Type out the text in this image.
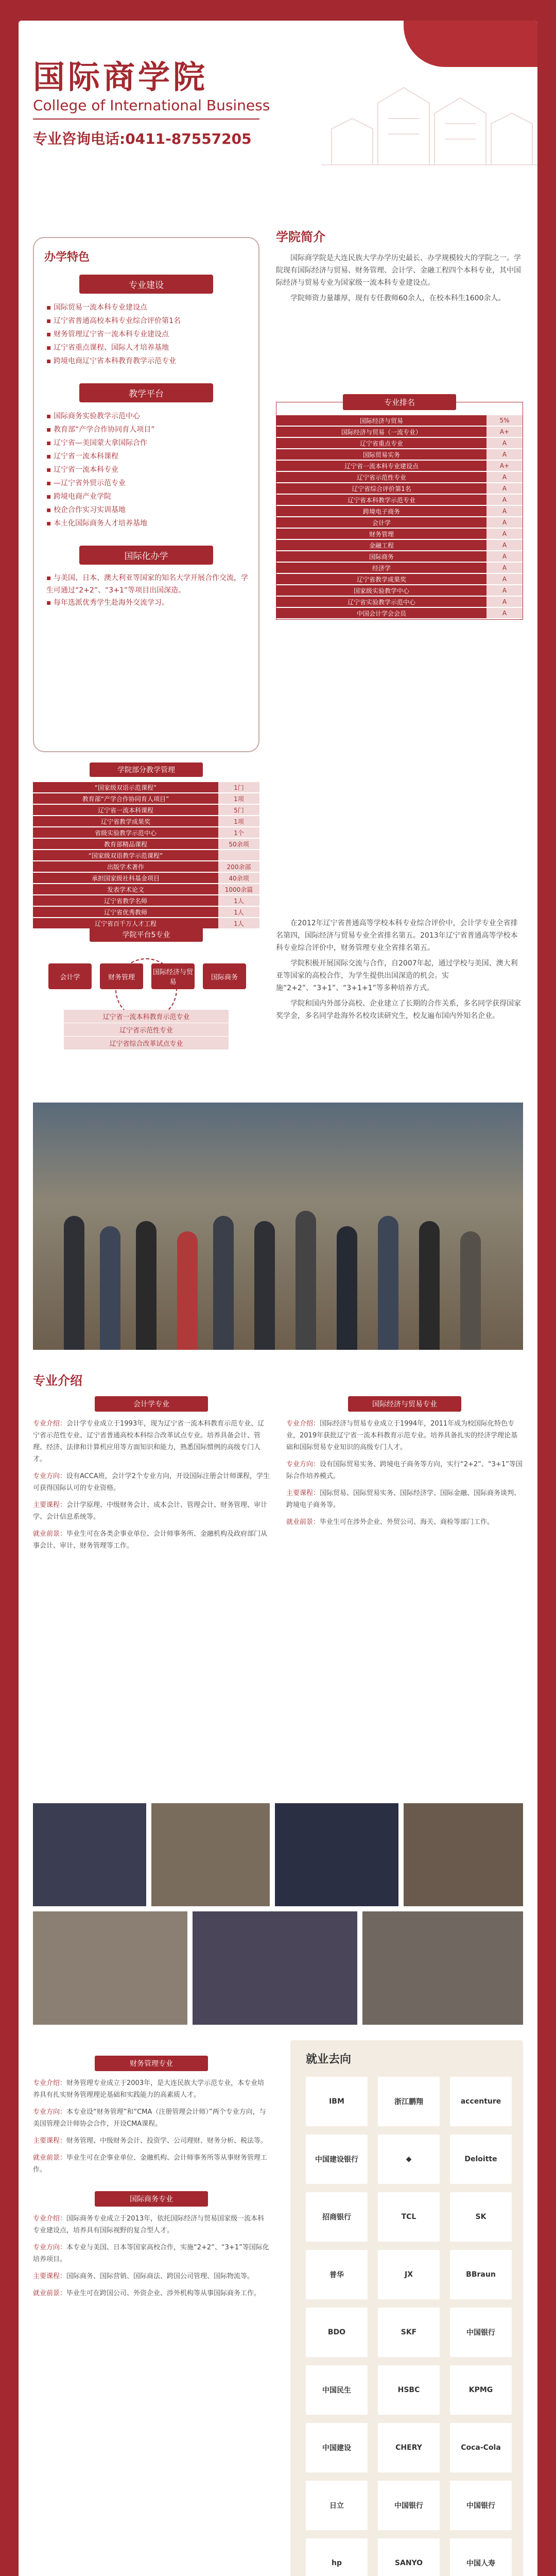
国际商学院
College of International Business
专业咨询电话:0411-87557205
办学特色
专业建设
▪ 国际贸易一流本科专业建设点
▪ 辽宁省普通高校本科专业综合评价第1名
▪ 财务管理辽宁省一流本科专业建设点
▪ 辽宁省重点课程、国际人才培养基地
▪ 跨境电商辽宁省本科教育教学示范专业
教学平台
▪ 国际商务实验教学示范中心
▪ 教育部“产学合作协同育人项目”
▪ 辽宁省—美国蒙大拿国际合作
▪ 辽宁省一流本科课程
▪ 辽宁省一流本科专业
▪ —辽宁省外贸示范专业
▪ 跨境电商产业学院
▪ 校企合作实习实训基地
▪ 本土化国际商务人才培养基地
国际化办学
▪ 与美国、日本、澳大利亚等国家的知名大学开展合作交流，学生可通过“2+2”、“3+1”等项目出国深造。
▪ 每年选派优秀学生赴海外交流学习。
学院简介

国际商学院是大连民族大学办学历史最长、办学规模较大的学院之一。学院现有国际经济与贸易、财务管理、会计学、金融工程四个本科专业，其中国际经济与贸易专业为国家级一流本科专业建设点。

学院师资力量雄厚，现有专任教师60余人，在校本科生1600余人。

专业排名
国际经济与贸易	5%
国际经济与贸易（一流专业）	A+
辽宁省重点专业	A
国际贸易实务	A
辽宁省一流本科专业建设点	A+
辽宁省示范性专业	A
辽宁省综合评价第1名	A
辽宁省本科教学示范专业	A
跨境电子商务	A
会计学	A
财务管理	A
金融工程	A
国际商务	A
经济学	A
辽宁省教学成果奖	A
国家级实验教学中心	A
辽宁省实验教学示范中心	A
中国会计学会会员	A
学院部分教学管理
“国家级双语示范课程”	1门
教育部“产学合作协同育人项目”	1项
辽宁省一流本科课程	5门
辽宁省教学成果奖	1项
省级实验教学示范中心	1个
教育部精品课程	50余项
“国家级双语教学示范课程”	
出版学术著作	200余部
承担国家级社科基金项目	40余项
发表学术论文	1000余篇
辽宁省教学名师	1人
辽宁省优秀教师	1人
辽宁省百千万人才工程	1人
学院平台5专业
会计学	财务管理
国际经济与贸易
国际商务
辽宁省一流本科教育示范专业
辽宁省示范性专业
辽宁省综合改革试点专业

在2012年辽宁省普通高等学校本科专业综合评价中，会计学专业全省排名第四，国际经济与贸易专业全省排名第五。2013年辽宁省普通高等学校本科专业综合评价中，财务管理专业全省排名第五。

学院积极开展国际交流与合作，自2007年起，通过学校与美国、澳大利亚等国家的高校合作，为学生提供出国深造的机会。实施“2+2”、“3+1”、“3+1+1”等多种培养方式。

学院和国内外部分高校、企业建立了长期的合作关系，多名同学获得国家奖学金，多名同学赴海外名校攻读研究生，校友遍布国内外知名企业。

专业介绍
会计学专业

专业介绍：会计学专业成立于1993年，现为辽宁省一流本科教育示范专业、辽宁省示范性专业、辽宁省普通高校本科综合改革试点专业。培养具备会计、管理、经济、法律和计算机应用等方面知识和能力，熟悉国际惯例的高级专门人才。

专业方向：设有ACCA班，会计学2个专业方向，开设国际注册会计师课程，学生可获得国际认可的专业资格。

主要课程：会计学原理、中级财务会计、成本会计、管理会计、财务管理、审计学、会计信息系统等。

就业前景：毕业生可在各类企事业单位、会计师事务所、金融机构及政府部门从事会计、审计、财务管理等工作。

国际经济与贸易专业

专业介绍：国际经济与贸易专业成立于1994年，2011年成为校国际化特色专业，2019年获批辽宁省一流本科教育示范专业。培养具备扎实的经济学理论基础和国际贸易专业知识的高级专门人才。

专业方向：设有国际贸易实务、跨境电子商务等方向，实行“2+2”、“3+1”等国际合作培养模式。

主要课程：国际贸易、国际贸易实务、国际经济学、国际金融、国际商务谈判、跨境电子商务等。

就业前景：毕业生可在涉外企业、外贸公司、海关、商检等部门工作。

财务管理专业

专业介绍：财务管理专业成立于2003年，是大连民族大学示范专业，本专业培养具有扎实财务管理理论基础和实践能力的高素质人才。

专业方向：本专业设“财务管理”和“CMA（注册管理会计师）”两个专业方向，与美国管理会计师协会合作，开设CMA课程。

主要课程：财务管理、中级财务会计、投资学、公司理财、财务分析、税法等。

就业前景：毕业生可在企事业单位、金融机构、会计师事务所等从事财务管理工作。

国际商务专业

专业介绍：国际商务专业成立于2013年，依托国际经济与贸易国家级一流本科专业建设点，培养具有国际视野的复合型人才。

专业方向：本专业与美国、日本等国家高校合作，实施“2+2”、“3+1”等国际化培养项目。

主要课程：国际商务、国际营销、国际商法、跨国公司管理、国际物流等。

就业前景：毕业生可在跨国公司、外资企业、涉外机构等从事国际商务工作。

就业去向
IBM	浙江鹏翔	accenture
中国建设银行	◆	Deloitte
招商银行	TCL	SK
普华	JX	BBraun
BDO	SKF	中国银行
中国民生	HSBC	KPMG
中国建设	CHERY	Coca-Cola
日立	中国银行	中国银行
hp	SANYO	中国人寿
